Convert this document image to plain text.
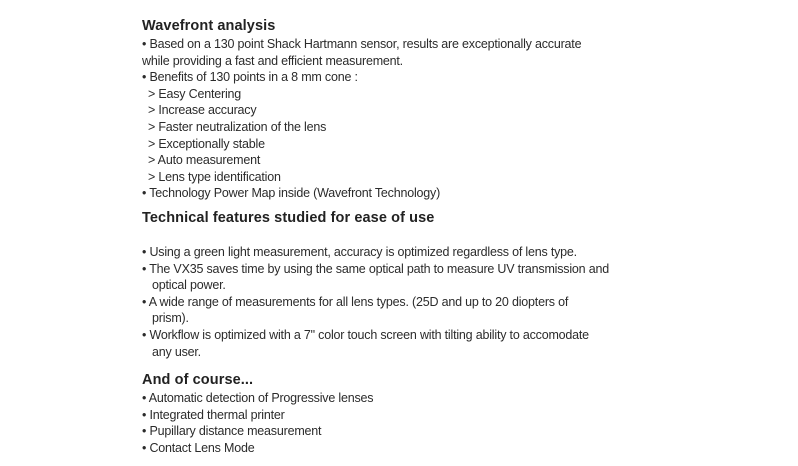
Wavefront analysis
• Based on a 130 point Shack Hartmann sensor, results are exceptionally accurate
while providing a fast and efficient measurement.
• Benefits of 130 points in a 8 mm cone :
> Easy Centering
> Increase accuracy
> Faster neutralization of the lens
> Exceptionally stable
> Auto measurement
> Lens type identification
• Technology Power Map inside (Wavefront Technology)
Technical features studied for ease of use
• Using a green light measurement, accuracy is optimized regardless of lens type.
• The VX35 saves time by using the same optical path to measure UV transmission and
optical power.
• A wide range of measurements for all lens types. (25D and up to 20 diopters of
prism).
• Workflow is optimized with a 7" color touch screen with tilting ability to accomodate
any user.
And of course...
• Automatic detection of Progressive lenses
• Integrated thermal printer
• Pupillary distance measurement
• Contact Lens Mode
